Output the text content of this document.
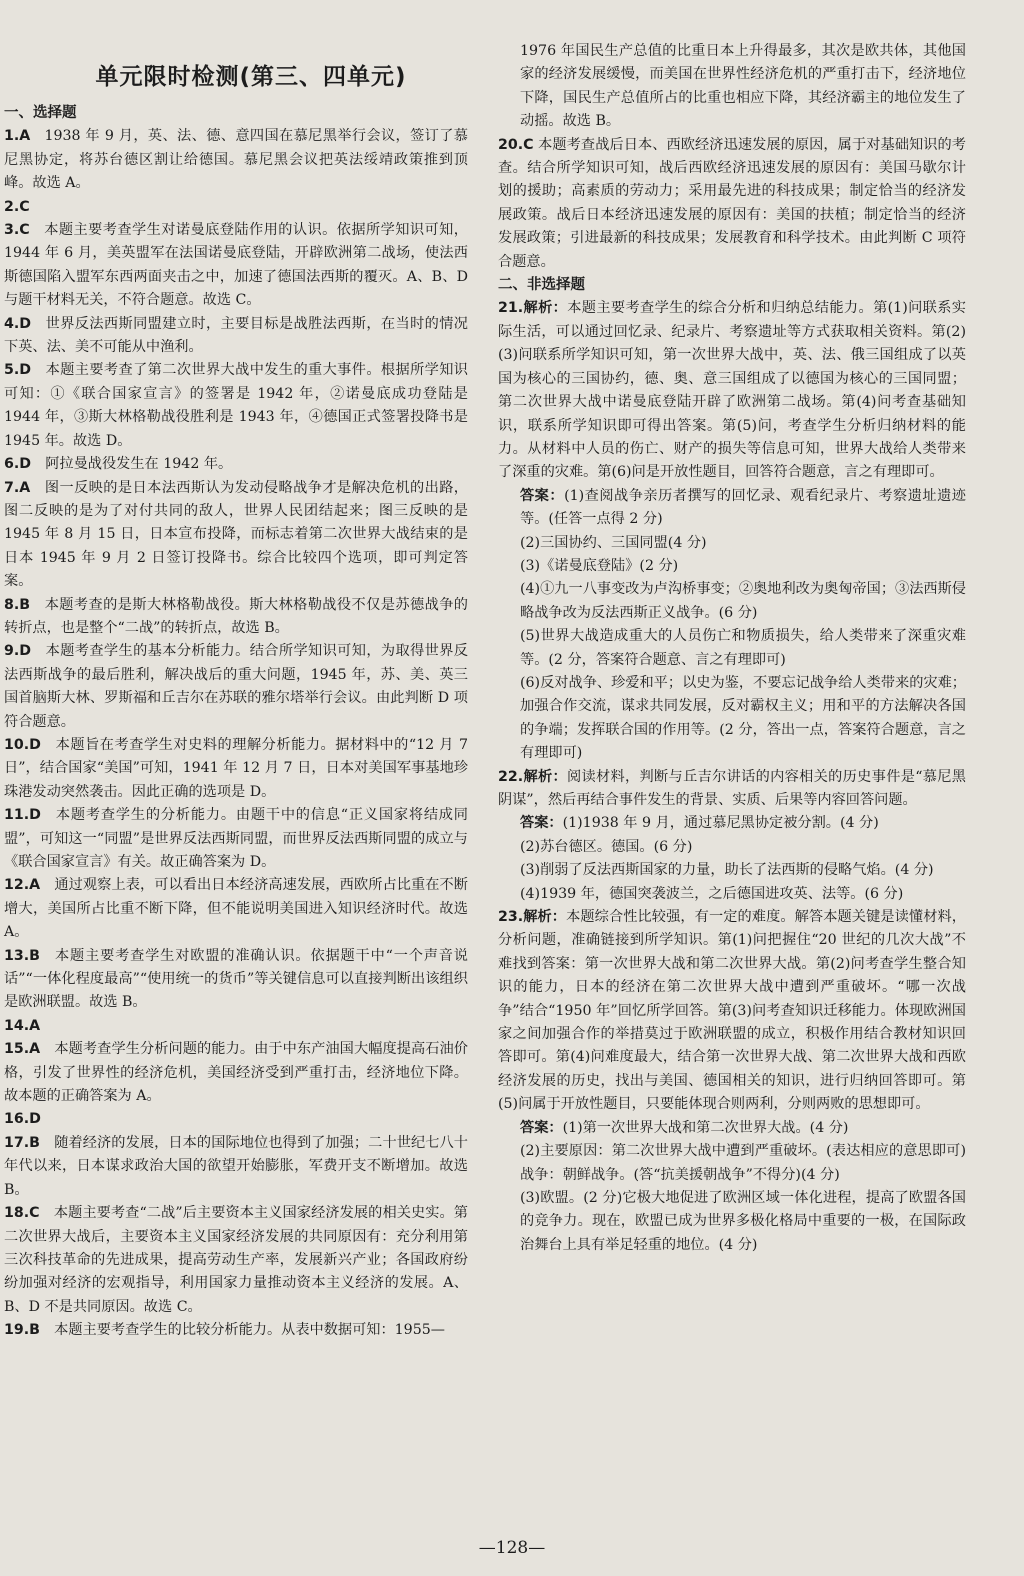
单元限时检测(第三、四单元)

一、选择题

1.A  1938 年 9 月，英、法、德、意四国在慕尼黑举行会议，签订了慕尼黑协定，将苏台德区割让给德国。慕尼黑会议把英法绥靖政策推到顶峰。故选 A。

2.C

3.C  本题主要考查学生对诺曼底登陆作用的认识。依据所学知识可知，1944 年 6 月，美英盟军在法国诺曼底登陆，开辟欧洲第二战场，使法西斯德国陷入盟军东西两面夹击之中，加速了德国法西斯的覆灭。A、B、D 与题干材料无关，不符合题意。故选 C。

4.D  世界反法西斯同盟建立时，主要目标是战胜法西斯，在当时的情况下英、法、美不可能从中渔利。

5.D  本题主要考查了第二次世界大战中发生的重大事件。根据所学知识可知：①《联合国家宣言》的签署是 1942 年，②诺曼底成功登陆是 1944 年，③斯大林格勒战役胜利是 1943 年，④德国正式签署投降书是 1945 年。故选 D。

6.D  阿拉曼战役发生在 1942 年。

7.A  图一反映的是日本法西斯认为发动侵略战争才是解决危机的出路，图二反映的是为了对付共同的敌人，世界人民团结起来；图三反映的是 1945 年 8 月 15 日，日本宣布投降，而标志着第二次世界大战结束的是日本 1945 年 9 月 2 日签订投降书。综合比较四个选项，即可判定答案。

8.B  本题考查的是斯大林格勒战役。斯大林格勒战役不仅是苏德战争的转折点，也是整个“二战”的转折点，故选 B。

9.D  本题考查学生的基本分析能力。结合所学知识可知，为取得世界反法西斯战争的最后胜利，解决战后的重大问题，1945 年，苏、美、英三国首脑斯大林、罗斯福和丘吉尔在苏联的雅尔塔举行会议。由此判断 D 项符合题意。

10.D  本题旨在考查学生对史料的理解分析能力。据材料中的“12 月 7 日”，结合国家“美国”可知，1941 年 12 月 7 日，日本对美国军事基地珍珠港发动突然袭击。因此正确的选项是 D。

11.D  本题考查学生的分析能力。由题干中的信息“正义国家将结成同盟”，可知这一“同盟”是世界反法西斯同盟，而世界反法西斯同盟的成立与《联合国家宣言》有关。故正确答案为 D。

12.A  通过观察上表，可以看出日本经济高速发展，西欧所占比重在不断增大，美国所占比重不断下降，但不能说明美国进入知识经济时代。故选 A。

13.B  本题主要考查学生对欧盟的准确认识。依据题干中“一个声音说话”“一体化程度最高”“使用统一的货币”等关键信息可以直接判断出该组织是欧洲联盟。故选 B。

14.A

15.A  本题考查学生分析问题的能力。由于中东产油国大幅度提高石油价格，引发了世界性的经济危机，美国经济受到严重打击，经济地位下降。故本题的正确答案为 A。

16.D

17.B  随着经济的发展，日本的国际地位也得到了加强；二十世纪七八十年代以来，日本谋求政治大国的欲望开始膨胀，军费开支不断增加。故选 B。

18.C  本题主要考查“二战”后主要资本主义国家经济发展的相关史实。第二次世界大战后，主要资本主义国家经济发展的共同原因有：充分利用第三次科技革命的先进成果，提高劳动生产率，发展新兴产业；各国政府纷纷加强对经济的宏观指导，利用国家力量推动资本主义经济的发展。A、B、D 不是共同原因。故选 C。

19.B  本题主要考查学生的比较分析能力。从表中数据可知：1955—

1976 年国民生产总值的比重日本上升得最多，其次是欧共体，其他国家的经济发展缓慢，而美国在世界性经济危机的严重打击下，经济地位下降，国民生产总值所占的比重也相应下降，其经济霸主的地位发生了动摇。故选 B。

20.C 本题考查战后日本、西欧经济迅速发展的原因，属于对基础知识的考查。结合所学知识可知，战后西欧经济迅速发展的原因有：美国马歇尔计划的援助；高素质的劳动力；采用最先进的科技成果；制定恰当的经济发展政策。战后日本经济迅速发展的原因有：美国的扶植；制定恰当的经济发展政策；引进最新的科技成果；发展教育和科学技术。由此判断 C 项符合题意。

二、非选择题

21.解析：本题主要考查学生的综合分析和归纳总结能力。第(1)问联系实际生活，可以通过回忆录、纪录片、考察遗址等方式获取相关资料。第(2)(3)问联系所学知识可知，第一次世界大战中，英、法、俄三国组成了以英国为核心的三国协约，德、奥、意三国组成了以德国为核心的三国同盟；第二次世界大战中诺曼底登陆开辟了欧洲第二战场。第(4)问考查基础知识，联系所学知识即可得出答案。第(5)问，考查学生分析归纳材料的能力。从材料中人员的伤亡、财产的损失等信息可知，世界大战给人类带来了深重的灾难。第(6)问是开放性题目，回答符合题意，言之有理即可。

答案：(1)查阅战争亲历者撰写的回忆录、观看纪录片、考察遗址遗迹等。(任答一点得 2 分)

(2)三国协约、三国同盟(4 分)

(3)《诺曼底登陆》(2 分)

(4)①九一八事变改为卢沟桥事变；②奥地利改为奥匈帝国；③法西斯侵略战争改为反法西斯正义战争。(6 分)

(5)世界大战造成重大的人员伤亡和物质损失，给人类带来了深重灾难等。(2 分，答案符合题意、言之有理即可)

(6)反对战争、珍爱和平；以史为鉴，不要忘记战争给人类带来的灾难；加强合作交流，谋求共同发展，反对霸权主义；用和平的方法解决各国的争端；发挥联合国的作用等。(2 分，答出一点，答案符合题意，言之有理即可)

22.解析：阅读材料，判断与丘吉尔讲话的内容相关的历史事件是“慕尼黑阴谋”，然后再结合事件发生的背景、实质、后果等内容回答问题。

答案：(1)1938 年 9 月，通过慕尼黑协定被分割。(4 分)

(2)苏台德区。德国。(6 分)

(3)削弱了反法西斯国家的力量，助长了法西斯的侵略气焰。(4 分)

(4)1939 年，德国突袭波兰，之后德国进攻英、法等。(6 分)

23.解析：本题综合性比较强，有一定的难度。解答本题关键是读懂材料，分析问题，准确链接到所学知识。第(1)问把握住“20 世纪的几次大战”不难找到答案：第一次世界大战和第二次世界大战。第(2)问考查学生整合知识的能力，日本的经济在第二次世界大战中遭到严重破坏。“哪一次战争”结合“1950 年”回忆所学回答。第(3)问考查知识迁移能力。体现欧洲国家之间加强合作的举措莫过于欧洲联盟的成立，积极作用结合教材知识回答即可。第(4)问难度最大，结合第一次世界大战、第二次世界大战和西欧经济发展的历史，找出与美国、德国相关的知识，进行归纳回答即可。第(5)问属于开放性题目，只要能体现合则两利，分则两败的思想即可。

答案：(1)第一次世界大战和第二次世界大战。(4 分)

(2)主要原因：第二次世界大战中遭到严重破坏。(表达相应的意思即可)战争：朝鲜战争。(答“抗美援朝战争”不得分)(4 分)

(3)欧盟。(2 分)它极大地促进了欧洲区域一体化进程，提高了欧盟各国的竞争力。现在，欧盟已成为世界多极化格局中重要的一极，在国际政治舞台上具有举足轻重的地位。(4 分)

—128—
